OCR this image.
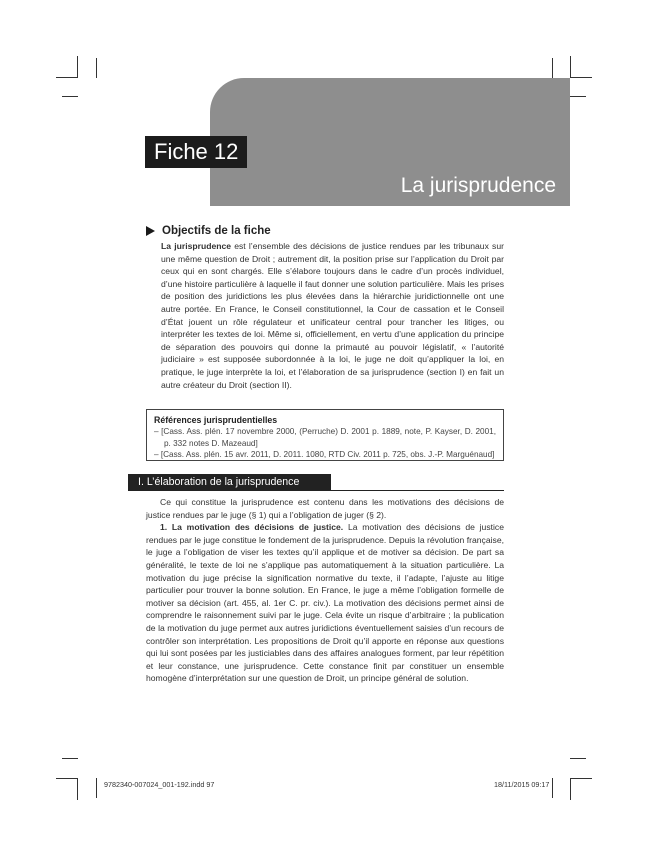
Fiche 12
La jurisprudence
Objectifs de la fiche
La jurisprudence est l’ensemble des décisions de justice rendues par les tribunaux sur une même question de Droit ; autrement dit, la position prise sur l’application du Droit par ceux qui en sont chargés. Elle s’élabore toujours dans le cadre d’un procès individuel, d’une histoire particulière à laquelle il faut donner une solution particulière. Mais les prises de position des juridictions les plus élevées dans la hiérarchie juridictionnelle ont une autre portée. En France, le Conseil constitutionnel, la Cour de cassation et le Conseil d’État jouent un rôle régulateur et unificateur central pour trancher les litiges, ou interpréter les textes de loi. Même si, officiellement, en vertu d’une application du principe de séparation des pouvoirs qui donne la primauté au pouvoir législatif, « l’autorité judiciaire » est supposée subordonnée à la loi, le juge ne doit qu’appliquer la loi, en pratique, le juge interprète la loi, et l’élaboration de sa jurisprudence (section I) en fait un autre créateur du Droit (section II).
Références jurisprudentielles
– [Cass. Ass. plén. 17 novembre 2000, (Perruche) D. 2001 p. 1889, note, P. Kayser, D. 2001, p. 332 notes D. Mazeaud]
– [Cass. Ass. plén. 15 avr. 2011, D. 2011. 1080, RTD Civ. 2011 p. 725, obs. J.-P. Marguénaud]
I. L’élaboration de la jurisprudence

Ce qui constitue la jurisprudence est contenu dans les motivations des décisions de justice rendues par le juge (§ 1) qui a l’obligation de juger (§ 2).

1. La motivation des décisions de justice. La motivation des décisions de justice rendues par le juge constitue le fondement de la jurisprudence. Depuis la révolution française, le juge a l’obligation de viser les textes qu’il applique et de motiver sa décision. De part sa généralité, le texte de loi ne s’applique pas automatiquement à la situation particulière. La motivation du juge précise la signification normative du texte, il l’adapte, l’ajuste au litige particulier pour trouver la bonne solution. En France, le juge a même l’obligation formelle de motiver sa décision (art. 455, al. 1er C. pr. civ.). La motivation des décisions permet ainsi de comprendre le raisonnement suivi par le juge. Cela évite un risque d’arbitraire ; la publication de la motivation du juge permet aux autres juridictions éventuellement saisies d’un recours de contrôler son interprétation. Les propositions de Droit qu’il apporte en réponse aux questions qui lui sont posées par les justiciables dans des affaires analogues forment, par leur répétition et leur constance, une jurisprudence. Cette constance finit par constituer un ensemble homogène d’interprétation sur une question de Droit, un principe général de solution.

9782340-007024_001-192.indd 97	18/11/2015 09:17
